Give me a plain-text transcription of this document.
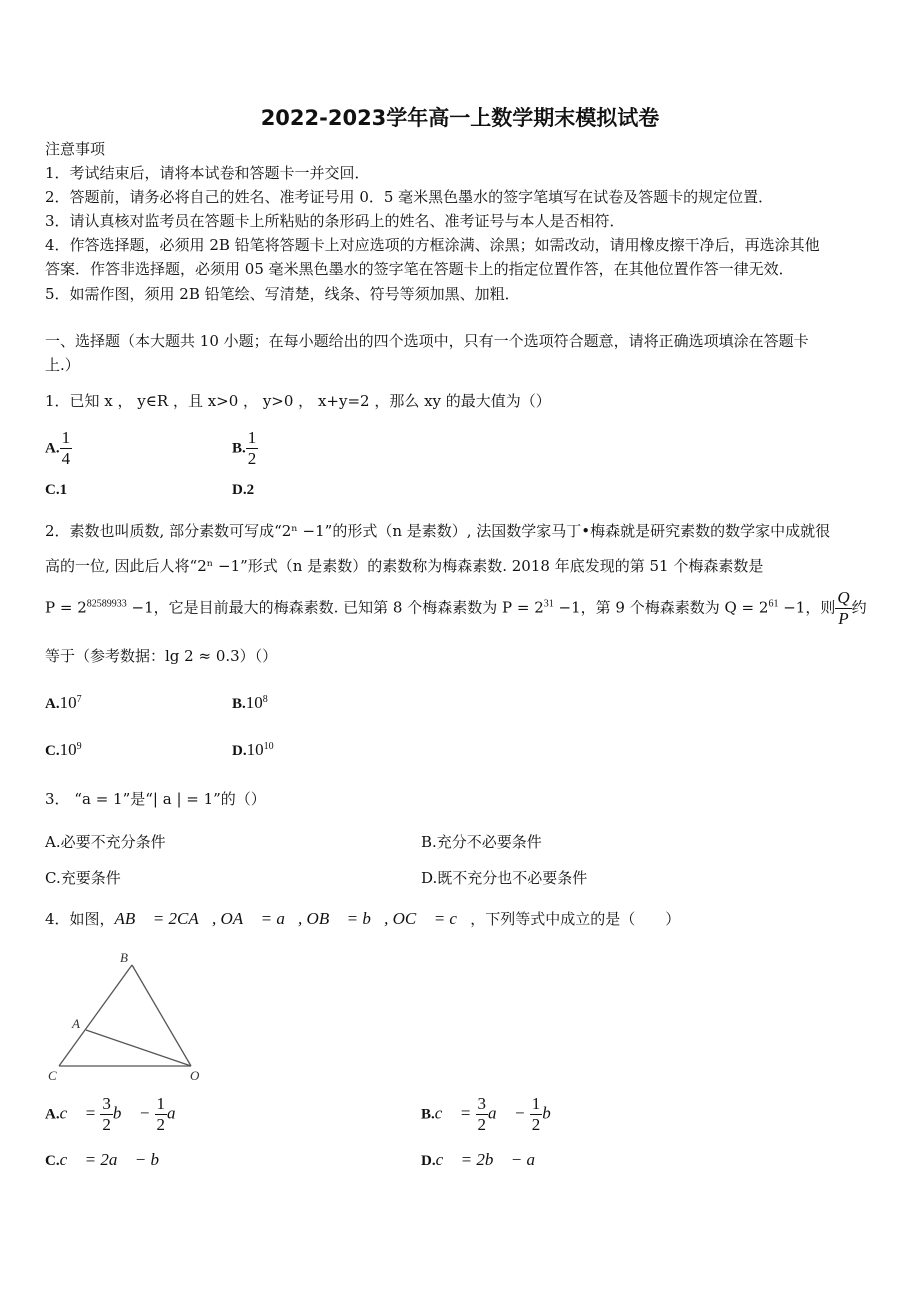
2022-2023学年高一上数学期末模拟试卷
注意事项
1．考试结束后，请将本试卷和答题卡一并交回．
2．答题前，请务必将自己的姓名、准考证号用 0．5 毫米黑色墨水的签字笔填写在试卷及答题卡的规定位置．
3．请认真核对监考员在答题卡上所粘贴的条形码上的姓名、准考证号与本人是否相符．
4．作答选择题，必须用 2B 铅笔将答题卡上对应选项的方框涂满、涂黑；如需改动，请用橡皮擦干净后，再选涂其他
答案．作答非选择题，必须用 05 毫米黑色墨水的签字笔在答题卡上的指定位置作答，在其他位置作答一律无效．
5．如需作图，须用 2B 铅笔绘、写清楚，线条、符号等须加黑、加粗．
一、选择题（本大题共 10 小题；在每小题给出的四个选项中，只有一个选项符合题意，请将正确选项填涂在答题卡
上.）
1．已知 x ， y∈R ，且 x>0 ， y>0 ， x+y=2 ，那么 xy 的最大值为（）
A. $\frac{1}{4}$	B. $\frac{1}{2}$
C.1	D.2
2．素数也叫质数, 部分素数可写成“2ⁿ −1”的形式（n 是素数）, 法国数学家马丁•梅森就是研究素数的数学家中成就很
高的一位, 因此后人将“2ⁿ −1”形式（n 是素数）的素数称为梅森素数. 2018 年底发现的第 51 个梅森素数是
$P = 2^{82589933} -1$，它是目前最大的梅森素数. 已知第 8 个梅森素数为 $P = 2^{31} -1$，第 9 个梅森素数为 $Q = 2^{61} -1$，则 $\frac{Q}{P}$ 约
等于（参考数据：lg 2 ≈ 0.3）（）
$A.10^7$	$B.10^8$
$C.10^9$	$D.10^{10}$
3． “a = 1”是“| a | = 1”的（）
A.必要不充分条件	B.充分不必要条件
C.充要条件	D.既不充分也不必要条件
4．如图，AB⃗ = 2CA⃗, OA⃗ = a⃗, OB⃗ = b⃗, OC⃗ = c⃗，下列等式中成立的是（　　）
B
A
C	O
A.c⃗ = $\frac{3}{2}$ b⃗ − $\frac{1}{2}$ a⃗	B.c⃗ = $\frac{3}{2}$ a⃗ − $\frac{1}{2}$ b⃗
C.c⃗ = 2a⃗ − b⃗	D.c⃗ = 2b⃗ − a⃗
